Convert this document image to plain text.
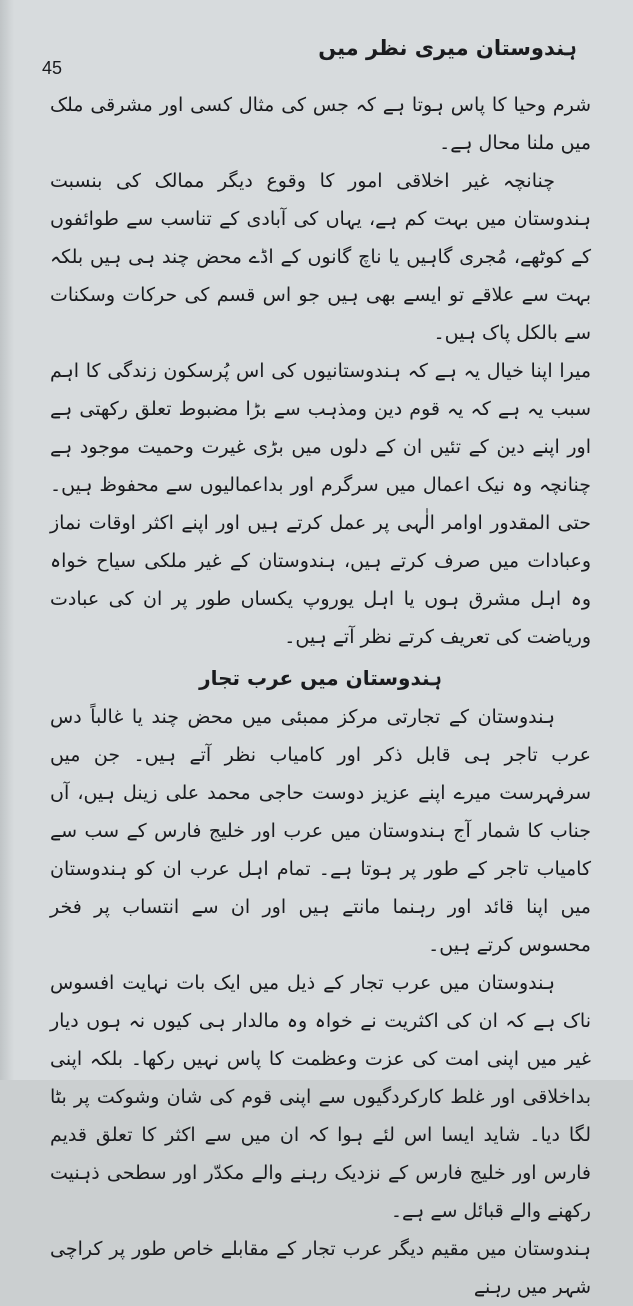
ہندوستان میری نظر میں
45

شرم وحیا کا پاس ہوتا ہے کہ جس کی مثال کسی اور مشرقی ملک میں ملنا محال ہے۔

چنانچہ غیر اخلاقی امور کا وقوع دیگر ممالک کی بنسبت ہندوستان میں بہت کم ہے، یہاں کی آبادی کے تناسب سے طوائفوں کے کوٹھے، مُجری گاہیں یا ناچ گانوں کے اڈے محض چند ہی ہیں بلکہ بہت سے علاقے تو ایسے بھی ہیں جو اس قسم کی حرکات وسکنات سے بالکل پاک ہیں۔

میرا اپنا خیال یہ ہے کہ ہندوستانیوں کی اس پُرسکون زندگی کا اہم سبب یہ ہے کہ یہ قوم دین ومذہب سے بڑا مضبوط تعلق رکھتی ہے اور اپنے دین کے تئیں ان کے دلوں میں بڑی غیرت وحمیت موجود ہے چنانچہ وہ نیک اعمال میں سرگرم اور بداعمالیوں سے محفوظ ہیں۔ حتی المقدور اوامر الٰہی پر عمل کرتے ہیں اور اپنے اکثر اوقات نماز وعبادات میں صرف کرتے ہیں، ہندوستان کے غیر ملکی سیاح خواہ وہ اہل مشرق ہوں یا اہل یوروپ یکساں طور پر ان کی عبادت وریاضت کی تعریف کرتے نظر آتے ہیں۔

ہندوستان میں عرب تجار

ہندوستان کے تجارتی مرکز ممبئی میں محض چند یا غالباً دس عرب تاجر ہی قابل ذکر اور کامیاب نظر آتے ہیں۔ جن میں سرفہرست میرے اپنے عزیز دوست حاجی محمد علی زینل ہیں، آں جناب کا شمار آج ہندوستان میں عرب اور خلیج فارس کے سب سے کامیاب تاجر کے طور پر ہوتا ہے۔ تمام اہل عرب ان کو ہندوستان میں اپنا قائد اور رہنما مانتے ہیں اور ان سے انتساب پر فخر محسوس کرتے ہیں۔

ہندوستان میں عرب تجار کے ذیل میں ایک بات نہایت افسوس ناک ہے کہ ان کی اکثریت نے خواہ وہ مالدار ہی کیوں نہ ہوں دیار غیر میں اپنی امت کی عزت وعظمت کا پاس نہیں رکھا۔ بلکہ اپنی بداخلاقی اور غلط کارکردگیوں سے اپنی قوم کی شان وشوکت پر بٹا لگا دیا۔ شاید ایسا اس لئے ہوا کہ ان میں سے اکثر کا تعلق قدیم فارس اور خلیج فارس کے نزدیک رہنے والے مکدّر اور سطحی ذہنیت رکھنے والے قبائل سے ہے۔

ہندوستان میں مقیم دیگر عرب تجار کے مقابلے خاص طور پر کراچی شہر میں رہنے
